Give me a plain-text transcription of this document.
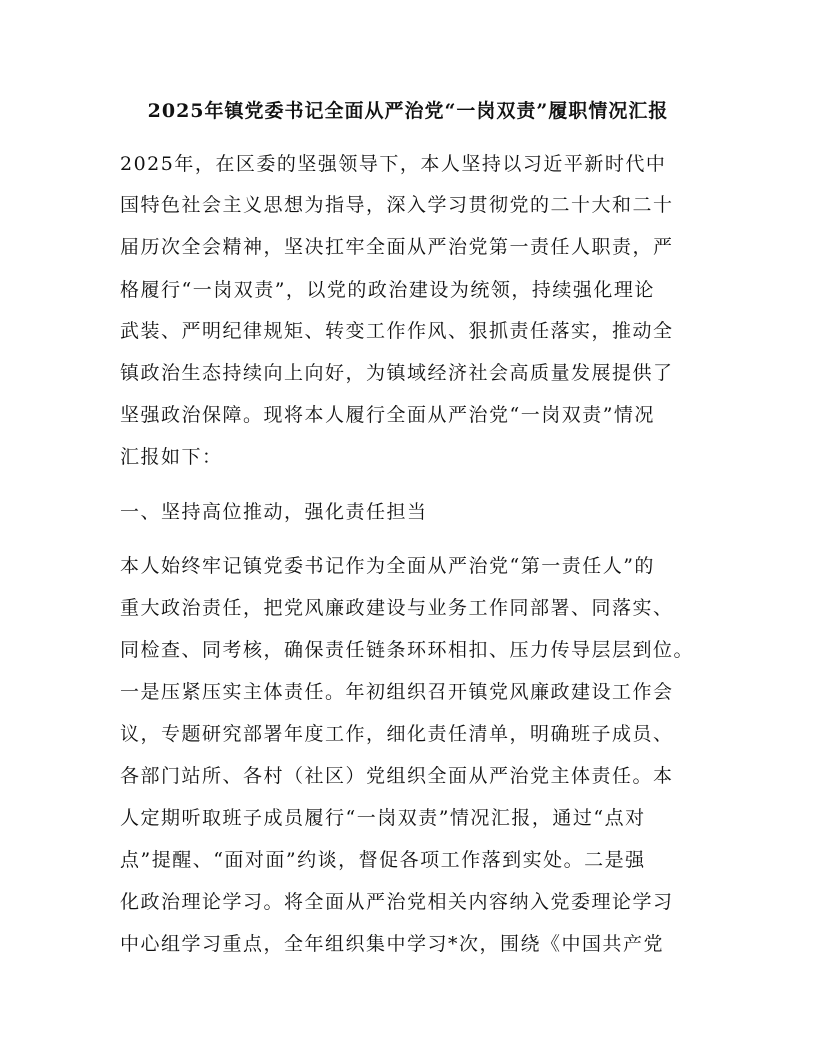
2025年镇党委书记全面从严治党“一岗双责”履职情况汇报
2025年，在区委的坚强领导下，本人坚持以习近平新时代中
国特色社会主义思想为指导，深入学习贯彻党的二十大和二十
届历次全会精神，坚决扛牢全面从严治党第一责任人职责，严
格履行“一岗双责”，以党的政治建设为统领，持续强化理论
武装、严明纪律规矩、转变工作作风、狠抓责任落实，推动全
镇政治生态持续向上向好，为镇域经济社会高质量发展提供了
坚强政治保障。现将本人履行全面从严治党“一岗双责”情况
汇报如下：
一、坚持高位推动，强化责任担当
本人始终牢记镇党委书记作为全面从严治党“第一责任人”的
重大政治责任，把党风廉政建设与业务工作同部署、同落实、
同检查、同考核，确保责任链条环环相扣、压力传导层层到位。
一是压紧压实主体责任。年初组织召开镇党风廉政建设工作会
议，专题研究部署年度工作，细化责任清单，明确班子成员、
各部门站所、各村（社区）党组织全面从严治党主体责任。本
人定期听取班子成员履行“一岗双责”情况汇报，通过“点对
点”提醒、“面对面”约谈，督促各项工作落到实处。二是强
化政治理论学习。将全面从严治党相关内容纳入党委理论学习
中心组学习重点，全年组织集中学习*次，围绕《中国共产党
